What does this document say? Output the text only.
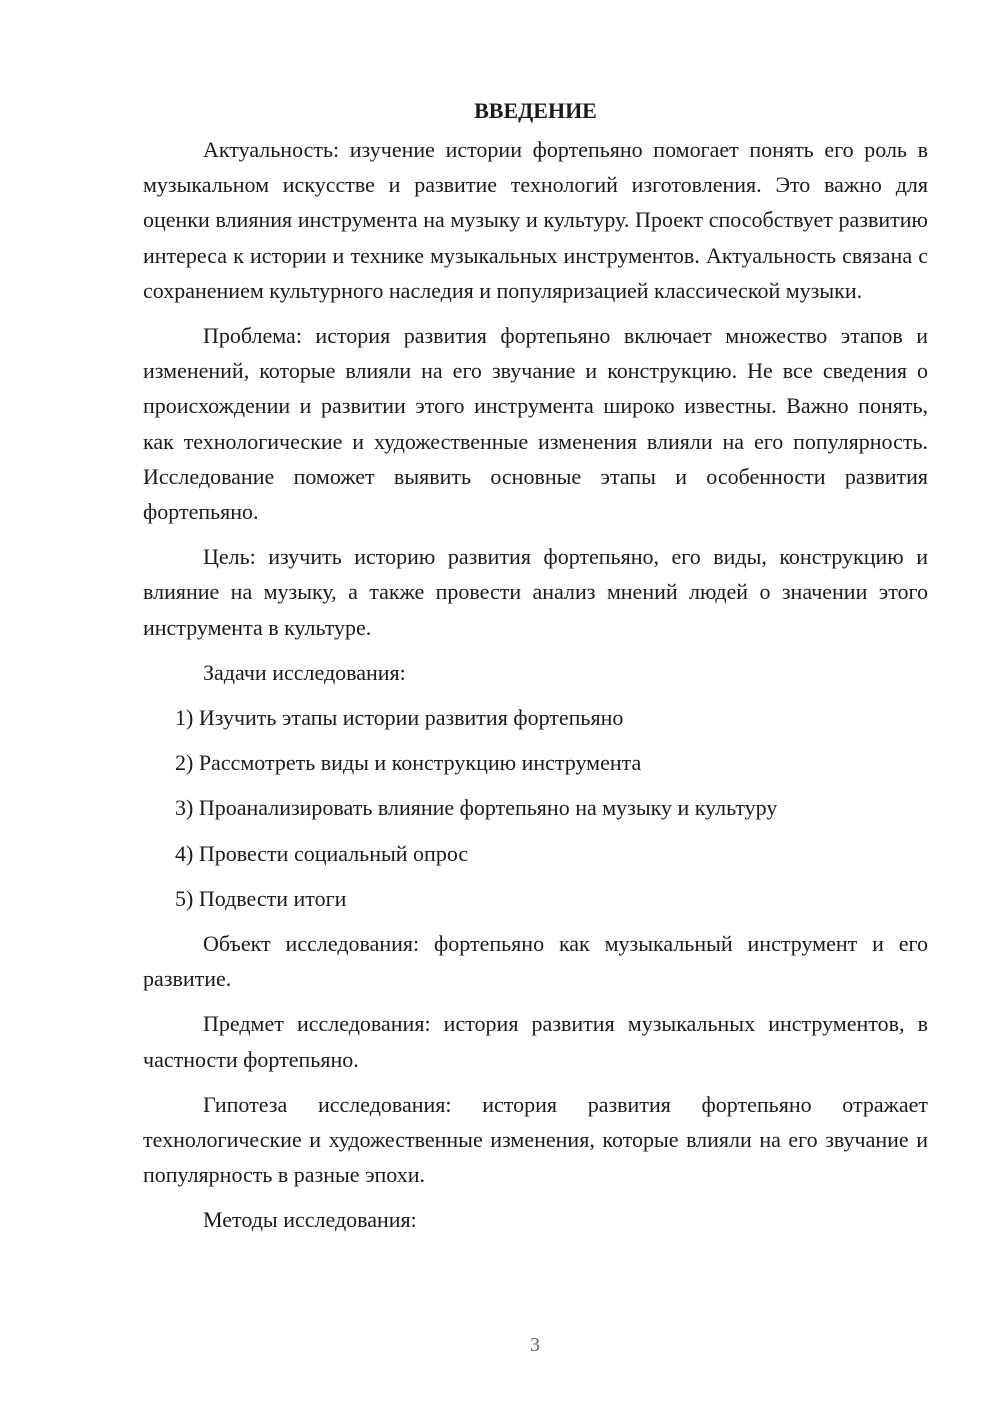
ВВЕДЕНИЕ

Актуальность: изучение истории фортепьяно помогает понять его роль в музыкальном искусстве и развитие технологий изготовления. Это важно для оценки влияния инструмента на музыку и культуру. Проект способствует развитию интереса к истории и технике музыкальных инструментов. Актуальность связана с сохранением культурного наследия и популяризацией классической музыки.

Проблема: история развития фортепьяно включает множество этапов и изменений, которые влияли на его звучание и конструкцию. Не все сведения о происхождении и развитии этого инструмента широко известны. Важно понять, как технологические и художественные изменения влияли на его популярность. Исследование поможет выявить основные этапы и особенности развития фортепьяно.

Цель: изучить историю развития фортепьяно, его виды, конструкцию и влияние на музыку, а также провести анализ мнений людей о значении этого инструмента в культуре.

Задачи исследования:

1) Изучить этапы истории развития фортепьяно
2) Рассмотреть виды и конструкцию инструмента
3) Проанализировать влияние фортепьяно на музыку и культуру
4) Провести социальный опрос
5) Подвести итоги

Объект исследования: фортепьяно как музыкальный инструмент и его развитие.

Предмет исследования: история развития музыкальных инструментов, в частности фортепьяно.

Гипотеза исследования: история развития фортепьяно отражает технологические и художественные изменения, которые влияли на его звучание и популярность в разные эпохи.

Методы исследования:

3
